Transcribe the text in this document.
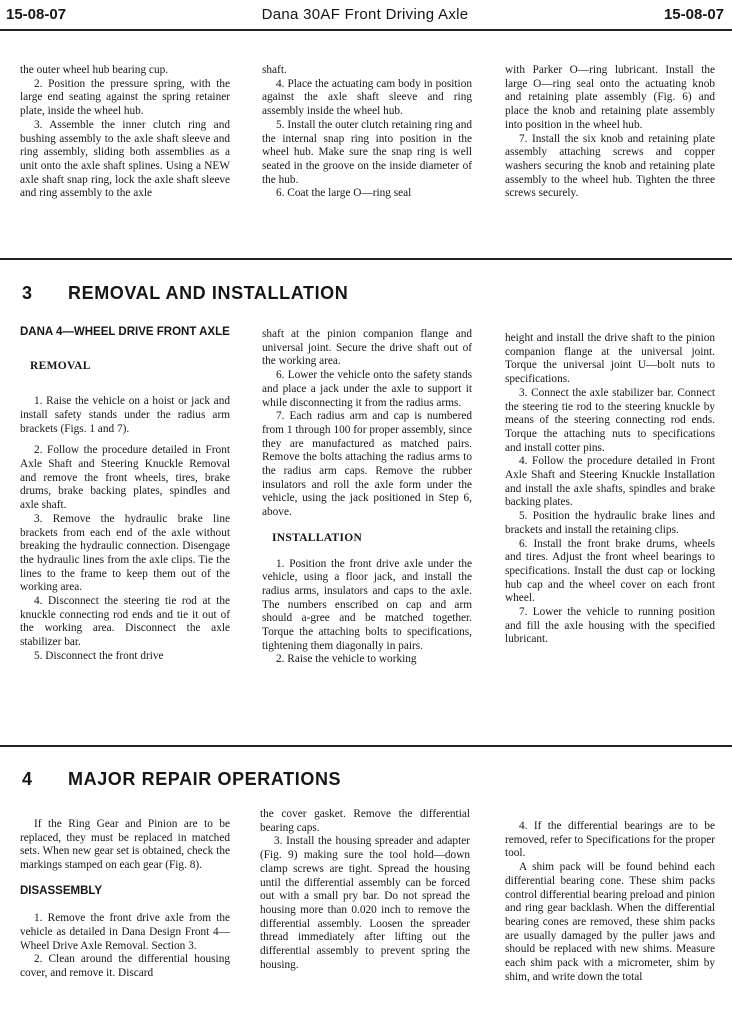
15-08-07	Dana 30AF Front Driving Axle	15-08-07

the outer wheel hub bearing cup.

2. Position the pressure spring, with the large end seating against the spring retainer plate, inside the wheel hub.

3. Assemble the inner clutch ring and bushing assembly to the axle shaft sleeve and ring assembly, sliding both assemblies as a unit onto the axle shaft splines. Using a NEW axle shaft snap ring, lock the axle shaft sleeve and ring assembly to the axle

shaft.

4. Place the actuating cam body in position against the axle shaft sleeve and ring assembly inside the wheel hub.

5. Install the outer clutch retaining ring and the internal snap ring into position in the wheel hub. Make sure the snap ring is well seated in the groove on the inside diameter of the hub.

6. Coat the large O—ring seal

with Parker O—ring lubricant. Install the large O—ring seal onto the actuating knob and retaining plate assembly (Fig. 6) and place the knob and retaining plate assembly into position in the wheel hub.

7. Install the six knob and retaining plate assembly attaching screws and copper washers securing the knob and retaining plate assembly to the wheel hub. Tighten the three screws securely.

3 REMOVAL AND INSTALLATION

DANA 4—WHEEL DRIVE FRONT AXLE

REMOVAL

1. Raise the vehicle on a hoist or jack and install safety stands under the radius arm brackets (Figs. 1 and 7).

2. Follow the procedure detailed in Front Axle Shaft and Steering Knuckle Removal and remove the front wheels, tires, brake drums, brake backing plates, spindles and axle shaft.

3. Remove the hydraulic brake line brackets from each end of the axle without breaking the hydraulic connection. Disengage the hydraulic lines from the axle clips. Tie the lines to the frame to keep them out of the working area.

4. Disconnect the steering tie rod at the knuckle connecting rod ends and tie it out of the working area. Disconnect the axle stabilizer bar.

5. Disconnect the front drive

shaft at the pinion companion flange and universal joint. Secure the drive shaft out of the working area.

6. Lower the vehicle onto the safety stands and place a jack under the axle to support it while disconnecting it from the radius arms.

7. Each radius arm and cap is numbered from 1 through 100 for proper assembly, since they are manufactured as matched pairs. Remove the bolts attaching the radius arms to the radius arm caps. Remove the rubber insulators and roll the axle form under the vehicle, using the jack positioned in Step 6, above.

INSTALLATION

1. Position the front drive axle under the vehicle, using a floor jack, and install the radius arms, insulators and caps to the axle. The numbers enscribed on cap and arm should a-gree and be matched together. Torque the attaching bolts to specifications, tightening them diagonally in pairs.

2. Raise the vehicle to working

height and install the drive shaft to the pinion companion flange at the universal joint. Torque the universal joint U—bolt nuts to specifications.

3. Connect the axle stabilizer bar. Connect the steering tie rod to the steering knuckle by means of the steering connecting rod ends. Torque the attaching nuts to specifications and install cotter pins.

4. Follow the procedure detailed in Front Axle Shaft and Steering Knuckle Installation and install the axle shafts, spindles and brake backing plates.

5. Position the hydraulic brake lines and brackets and install the retaining clips.

6. Install the front brake drums, wheels and tires. Adjust the front wheel bearings to specifications. Install the dust cap or locking hub cap and the wheel cover on each front wheel.

7. Lower the vehicle to running position and fill the axle housing with the specified lubricant.

4 MAJOR REPAIR OPERATIONS

If the Ring Gear and Pinion are to be replaced, they must be replaced in matched sets. When new gear set is obtained, check the markings stamped on each gear (Fig. 8).

DISASSEMBLY

1. Remove the front drive axle from the vehicle as detailed in Dana Design Front 4—Wheel Drive Axle Removal. Section 3.

2. Clean around the differential housing cover, and remove it. Discard

the cover gasket. Remove the differential bearing caps.

3. Install the housing spreader and adapter (Fig. 9) making sure the tool hold—down clamp screws are tight. Spread the housing until the differential assembly can be forced out with a small pry bar. Do not spread the housing more than 0.020 inch to remove the differential assembly. Loosen the spreader thread immediately after lifting out the differential assembly to prevent spring the housing.

4. If the differential bearings are to be removed, refer to Specifications for the proper tool.

A shim pack will be found behind each differential bearing cone. These shim packs control differential bearing preload and pinion and ring gear backlash. When the differential bearing cones are removed, these shim packs are usually damaged by the puller jaws and should be replaced with new shims. Measure each shim pack with a micrometer, shim by shim, and write down the total
